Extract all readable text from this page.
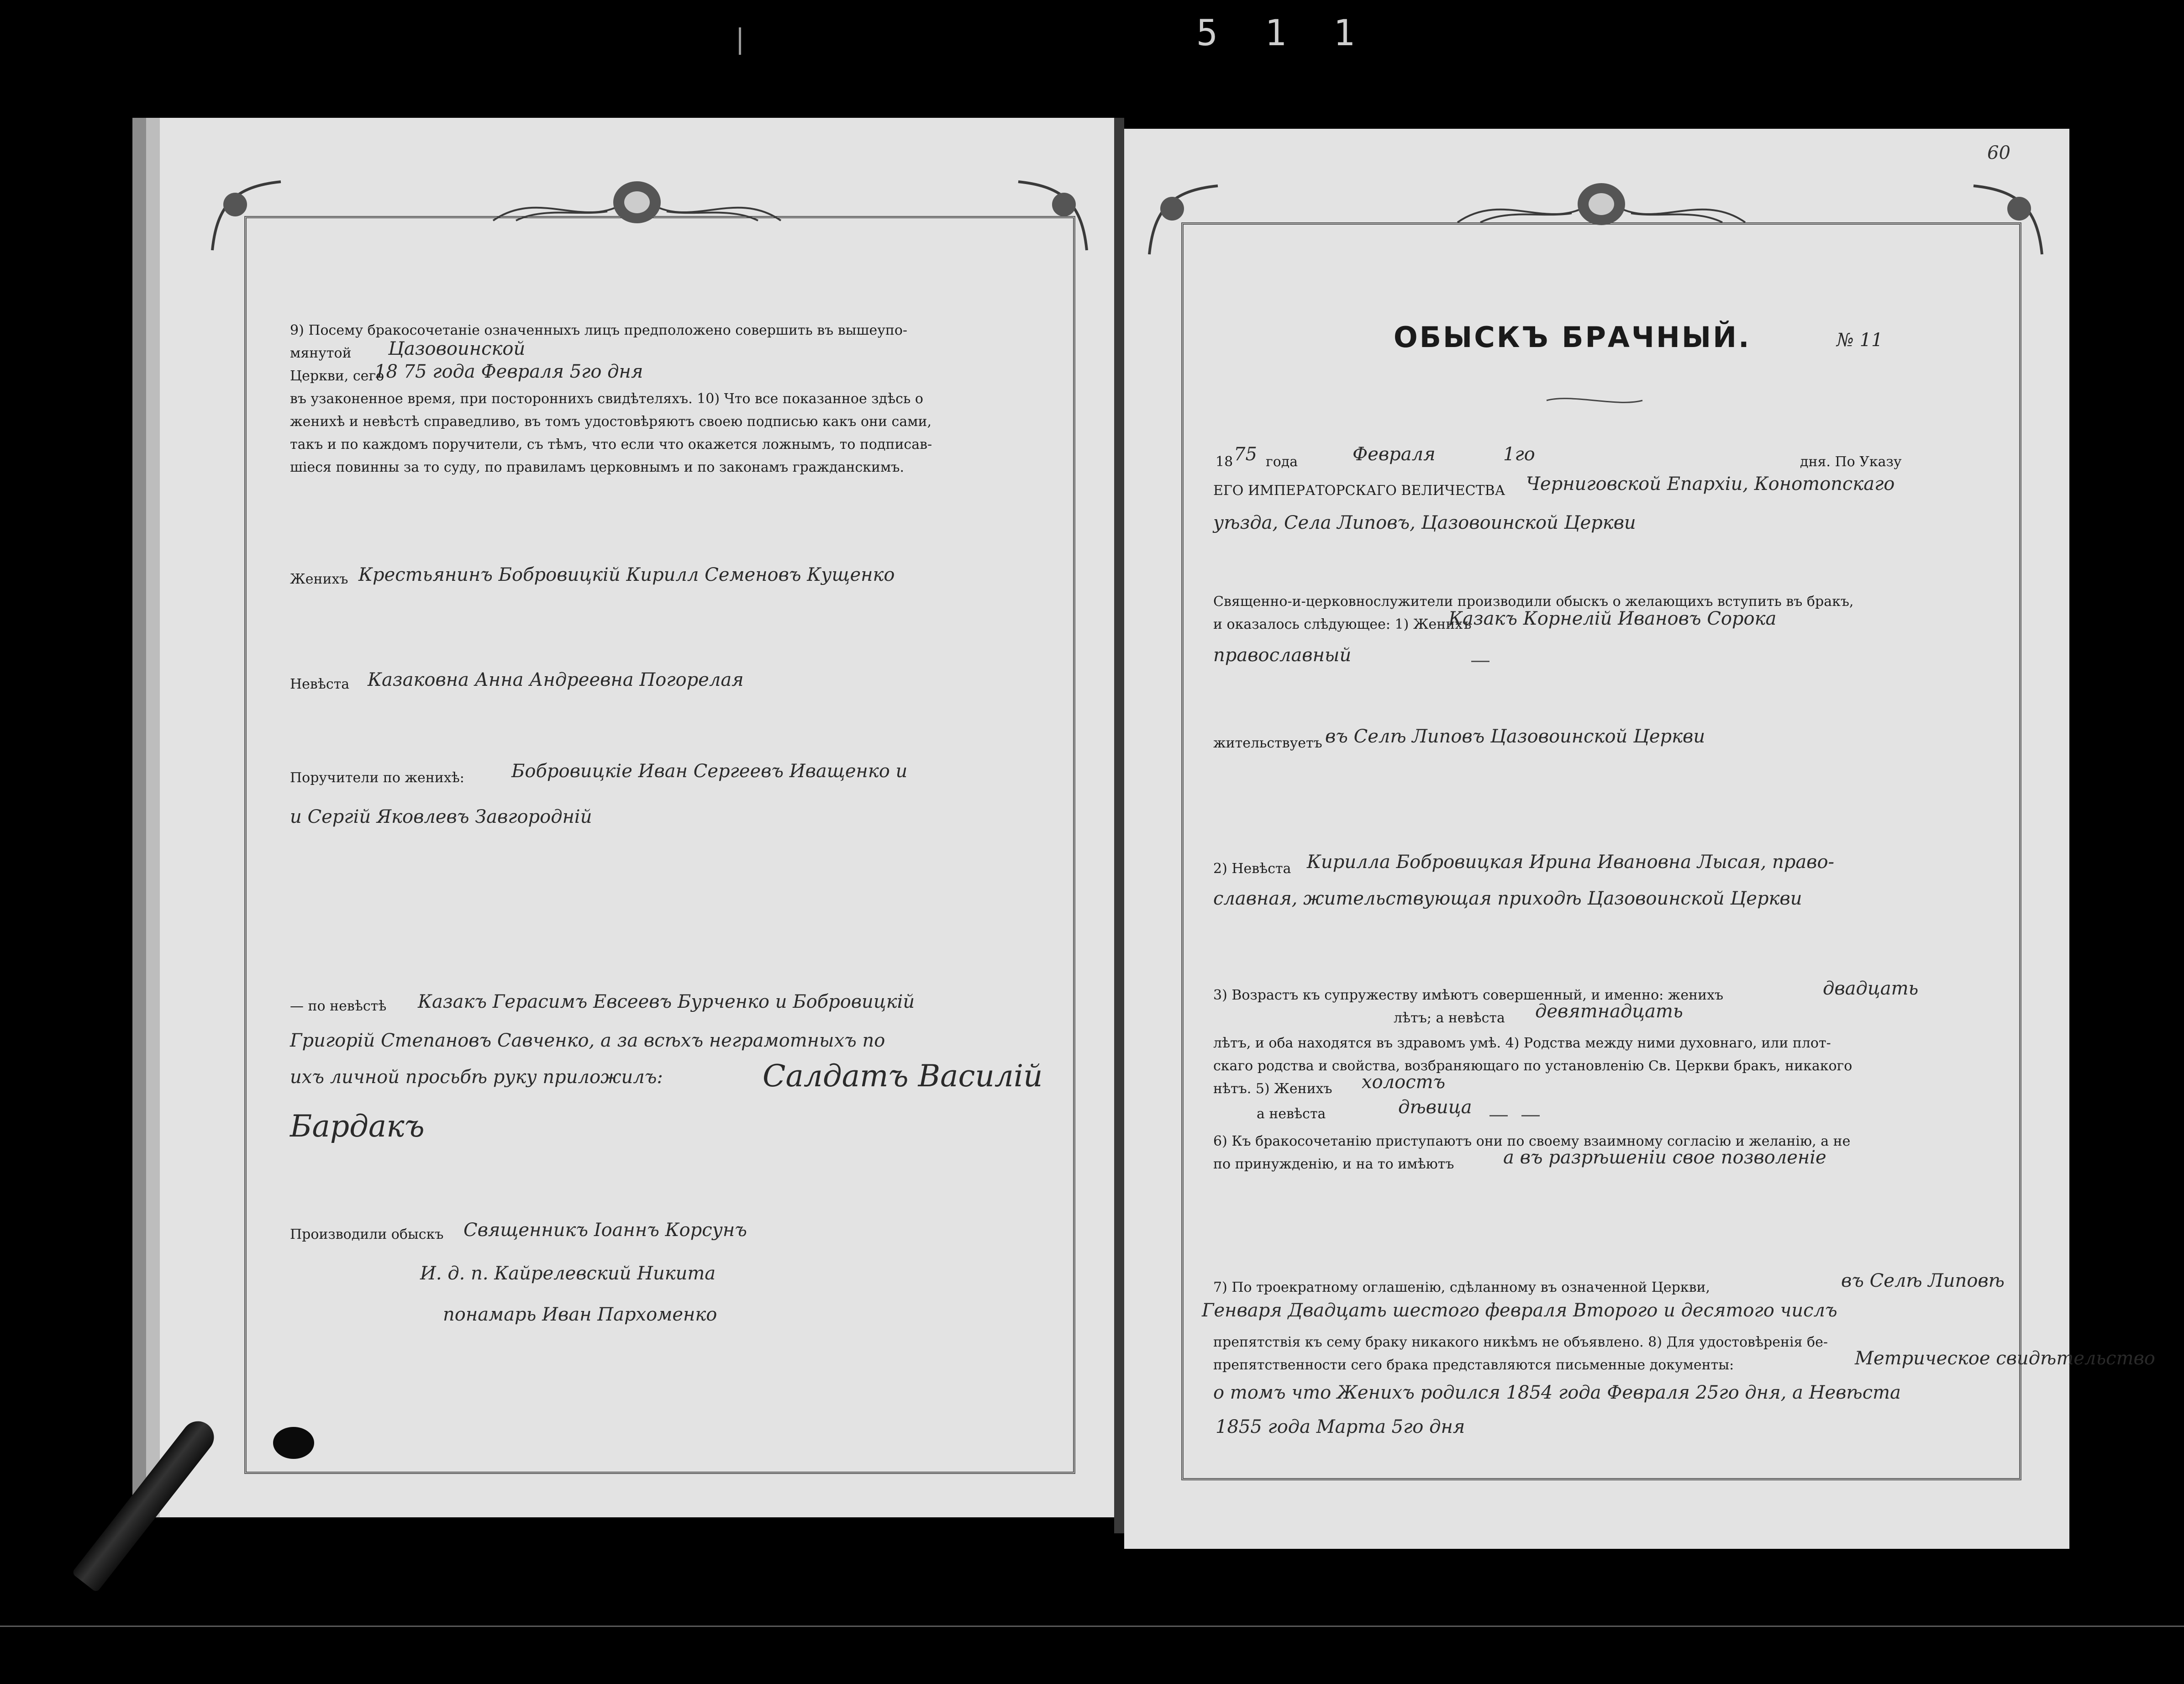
5 1 1
9) Посему бракосочетаніе означенныхъ лицъ предположено совершить въ вышеупо-
мянутой Цазовоинской
Церкви, сего
18 75 года Февраля 5го дня
въ узаконенное время, при постороннихъ свидѣтеляхъ. 10) Что все показанное здѣсь о
женихѣ и невѣстѣ справедливо, въ томъ удостовѣряютъ своею подписью какъ они сами,
такъ и по каждомъ поручители, съ тѣмъ, что если что окажется ложнымъ, то подписав-
шіеся повинны за то суду, по правиламъ церковнымъ и по законамъ гражданскимъ.
Женихъ Крестьянинъ Бобровицкій Кирилл Семеновъ Кущенко
Невѣста Казаковна Анна Андреевна Погорелая
Поручители по женихѣ:	Бобровицкіе Иван Сергеевъ Иващенко и
и Сергій Яковлевъ Завгородній
— по невѣстѣ Казакъ Герасимъ Евсеевъ Бурченко и Бобровицкій
Григорій Степановъ Савченко, а за всѣхъ неграмотныхъ по
ихъ личной просьбѣ руку приложилъ:	Салдатъ Василій
Бардакъ
Производили обыскъ Священникъ Іоаннъ Корсунъ
И. д. п. Кайрелевский Никита
понамарь Иван Пархоменко
60
ОБЫСКЪ БРАЧНЫЙ.	№ 11
18 75 года	Февраля	1го	дня. По Указу
ЕГО ИМПЕРАТОРСКАГО ВЕЛИЧЕСТВА Черниговской Епархіи, Конотопскаго
уѣзда, Села Липовъ, Цазовоинской Церкви
Священно-и-церковнослужители производили обыскъ о желающихъ вступить въ бракъ,
и оказалось слѣдующее: 1) Женихъ
Казакъ Корнелій Ивановъ Сорока
православный
жительствуетъ въ Селѣ Липовъ Цазовоинской Церкви
2) Невѣста Кирилла Бобровицкая Ирина Ивановна Лысая, право-
славная, жительствующая приходѣ Цазовоинской Церкви
3) Возрастъ къ супружеству имѣютъ совершенный, и именно: женихъ	двадцать
лѣтъ; а невѣста девятнадцать
лѣтъ, и оба находятся въ здравомъ умѣ. 4) Родства между ними духовнаго, или плот-
скаго родства и свойства, возбраняющаго по установленію Св. Церкви бракъ, никакого
нѣтъ. 5) Женихъ холостъ
а невѣста	дѣвица
6) Къ бракосочетанію приступаютъ они по своему взаимному согласію и желанію, а не
по принужденію, и на то имѣютъ	а въ разрѣшеніи свое позволеніе
7) По троекратному оглашенію, сдѣланному въ означенной Церкви,	въ Селѣ Липовѣ
Генваря Двадцать шестого февраля Второго и десятого числъ
препятствія къ сему браку никакого никѣмъ не объявлено. 8) Для удостовѣренія бе-
препятственности сего брака представляются письменные документы:	Метрическое свидѣтельство
о томъ что Женихъ родился 1854 года Февраля 25го дня, а Невѣста
1855 года Марта 5го дня
